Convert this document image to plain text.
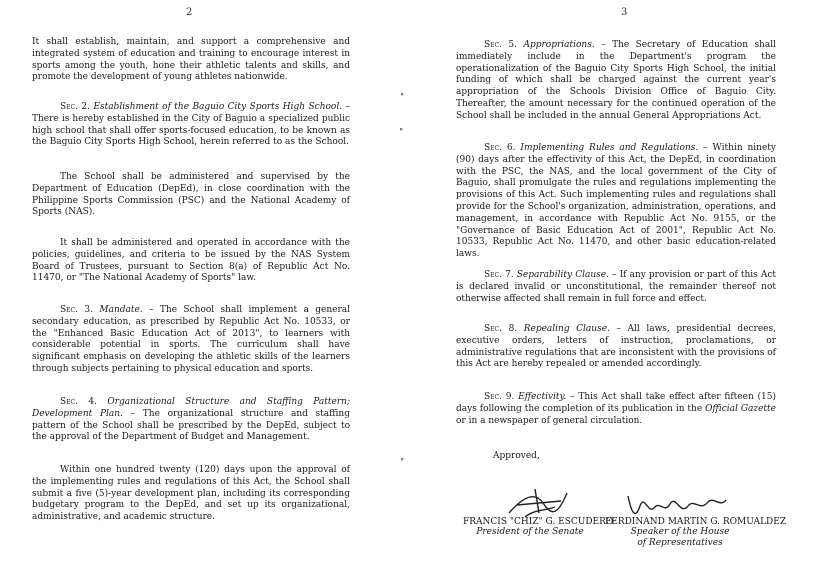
2

It shall establish, maintain, and support a comprehensive and integrated system of education and training to encourage interest in sports among the youth, hone their athletic talents and skills, and promote the development of young athletes nationwide.

Sec. 2. Establishment of the Baguio City Sports High School. – There is hereby established in the City of Baguio a specialized public high school that shall offer sports-focused education, to be known as the Baguio City Sports High School, herein referred to as the School.

The School shall be administered and supervised by the Department of Education (DepEd), in close coordination with the Philippine Sports Commission (PSC) and the National Academy of Sports (NAS).

It shall be administered and operated in accordance with the policies, guidelines, and criteria to be issued by the NAS System Board of Trustees, pursuant to Section 8(a) of Republic Act No. 11470, or "The National Academy of Sports" law.

Sec. 3. Mandate. – The School shall implement a general secondary education, as prescribed by Republic Act No. 10533, or the "Enhanced Basic Education Act of 2013", to learners with considerable potential in sports. The curriculum shall have significant emphasis on developing the athletic skills of the learners through subjects pertaining to physical education and sports.

Sec. 4. Organizational Structure and Staffing Pattern; Development Plan. – The organizational structure and staffing pattern of the School shall be prescribed by the DepEd, subject to the approval of the Department of Budget and Management.

Within one hundred twenty (120) days upon the approval of the implementing rules and regulations of this Act, the School shall submit a five (5)-year development plan, including its corresponding budgetary program to the DepEd, and set up its organizational, administrative, and academic structure.

∘
∘
∘
3

Sec. 5. Appropriations. – The Secretary of Education shall immediately include in the Department's program the operationalization of the Baguio City Sports High School, the initial funding of which shall be charged against the current year's appropriation of the Schools Division Office of Baguio City. Thereafter, the amount necessary for the continued operation of the School shall be included in the annual General Appropriations Act.

Sec. 6. Implementing Rules and Regulations. – Within ninety (90) days after the effectivity of this Act, the DepEd, in coordination with the PSC, the NAS, and the local government of the City of Baguio, shall promulgate the rules and regulations implementing the provisions of this Act. Such implementing rules and regulations shall provide for the School's organization, administration, operations, and management, in accordance with Republic Act No. 9155, or the "Governance of Basic Education Act of 2001", Republic Act No. 10533, Republic Act No. 11470, and other basic education-related laws.

Sec. 7. Separability Clause. – If any provision or part of this Act is declared invalid or unconstitutional, the remainder thereof not otherwise affected shall remain in full force and effect.

Sec. 8. Repealing Clause. – All laws, presidential decrees, executive orders, letters of instruction, proclamations, or administrative regulations that are inconsistent with the provisions of this Act are hereby repealed or amended accordingly.

Sec. 9. Effectivity. – This Act shall take effect after fifteen (15) days following the completion of its publication in the Official Gazette or in a newspaper of general circulation.

Approved,
FRANCIS "CHIZ" G. ESCUDERO
President of the Senate
FERDINAND MARTIN G. ROMUALDEZ
Speaker of the House
of Representatives
